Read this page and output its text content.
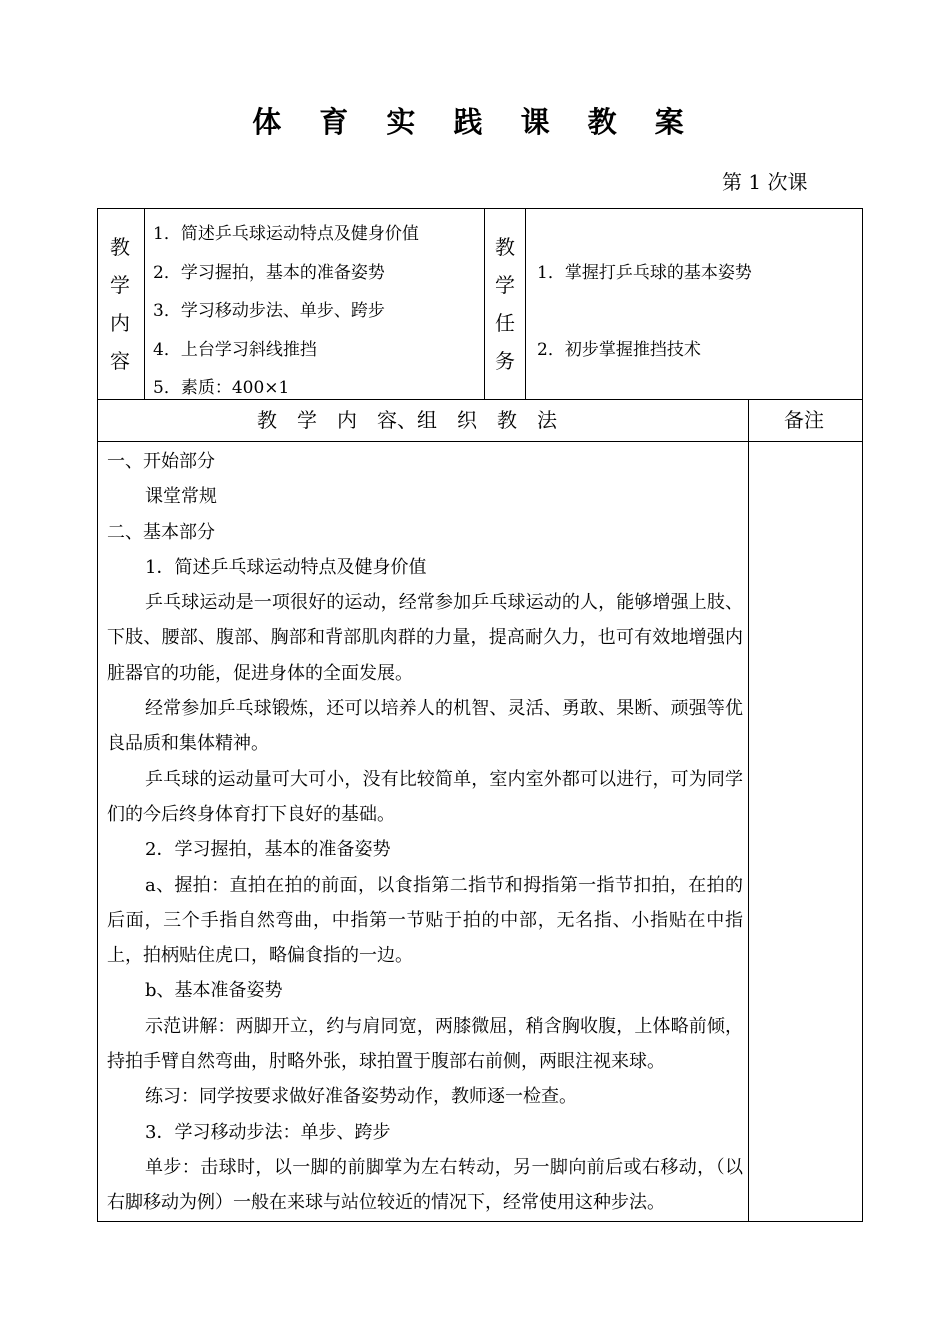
体 育 实 践 课 教 案
第 1 次课
教
学
内
容
1．简述乒乓球运动特点及健身价值
2．学习握拍，基本的准备姿势
3．学习移动步法、单步、跨步
4．上台学习斜线推挡
5．素质：400×1
教
学
任
务
1．掌握打乒乓球的基本姿势
2．初步掌握推挡技术
教　学　内　容、组　织　教　法	备注

一、开始部分

课堂常规

二、基本部分

1．简述乒乓球运动特点及健身价值

乒乓球运动是一项很好的运动，经常参加乒乓球运动的人，能够增强上肢、下肢、腰部、腹部、胸部和背部肌肉群的力量，提高耐久力，也可有效地增强内脏器官的功能，促进身体的全面发展。

经常参加乒乓球锻炼，还可以培养人的机智、灵活、勇敢、果断、顽强等优良品质和集体精神。

乒乓球的运动量可大可小，没有比较简单，室内室外都可以进行，可为同学们的今后终身体育打下良好的基础。

2．学习握拍，基本的准备姿势

a、握拍：直拍在拍的前面，以食指第二指节和拇指第一指节扣拍，在拍的后面，三个手指自然弯曲，中指第一节贴于拍的中部，无名指、小指贴在中指上，拍柄贴住虎口，略偏食指的一边。

b、基本准备姿势

示范讲解：两脚开立，约与肩同宽，两膝微屈，稍含胸收腹，上体略前倾，持拍手臂自然弯曲，肘略外张，球拍置于腹部右前侧，两眼注视来球。

练习：同学按要求做好准备姿势动作，教师逐一检查。

3．学习移动步法：单步、跨步

单步：击球时，以一脚的前脚掌为左右转动，另一脚向前后或右移动，（以右脚移动为例）一般在来球与站位较近的情况下，经常使用这种步法。
